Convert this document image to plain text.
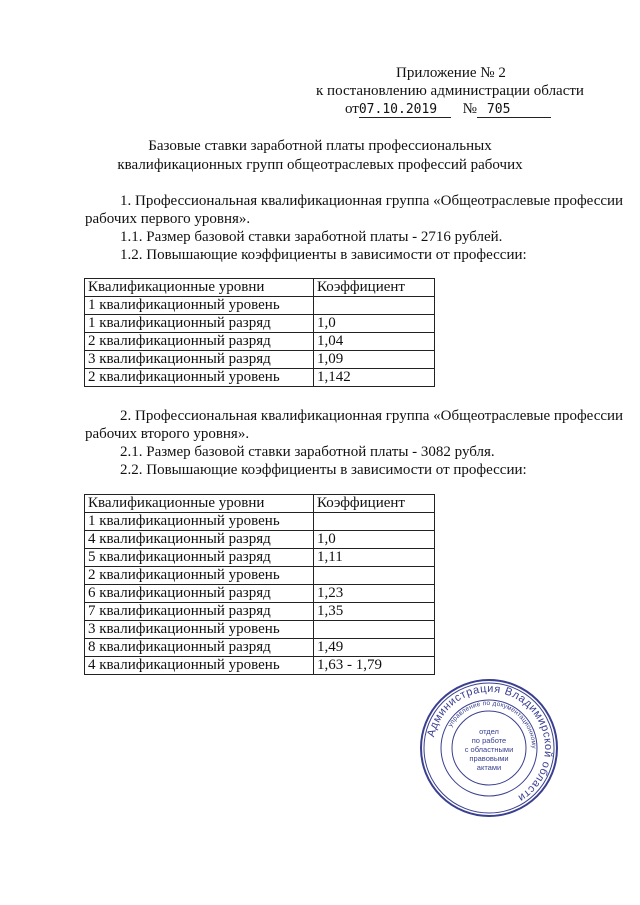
Приложение № 2
к постановлению администрации области
от07.10.2019 № 705
Базовые ставки заработной платы профессиональных
квалификационных групп общеотраслевых профессий рабочих
1. Профессиональная квалификационная группа «Общеотраслевые профессии
рабочих первого уровня».
1.1. Размер базовой ставки заработной платы - 2716 рублей.
1.2. Повышающие коэффициенты в зависимости от профессии:
Квалификационные уровни	Коэффициент
1 квалификационный уровень	
1 квалификационный разряд	1,0
2 квалификационный разряд	1,04
3 квалификационный разряд	1,09
2 квалификационный уровень	1,142
2. Профессиональная квалификационная группа «Общеотраслевые профессии
рабочих второго уровня».
2.1. Размер базовой ставки заработной платы - 3082 рубля.
2.2. Повышающие коэффициенты в зависимости от профессии:
Квалификационные уровни	Коэффициент
1 квалификационный уровень	
4 квалификационный разряд	1,0
5 квалификационный разряд	1,11
2 квалификационный уровень	
6 квалификационный разряд	1,23
7 квалификационный разряд	1,35
3 квалификационный уровень	
8 квалификационный разряд	1,49
4 квалификационный уровень	1,63 - 1,79
Администрация Владимирской области
управление по документационному
отдел
по работе
с областными
правовыми
актами
